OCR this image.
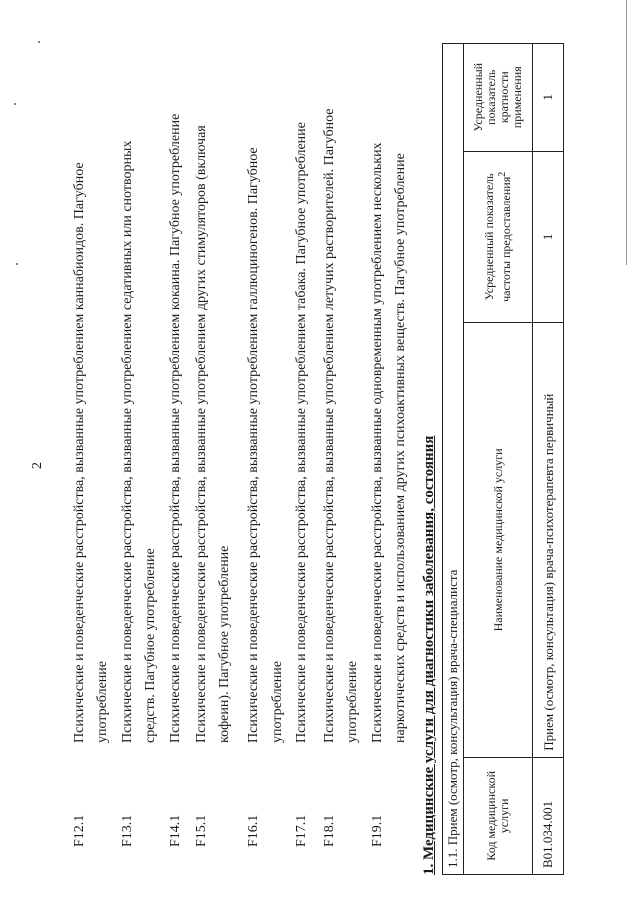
2
F12.1
Психические и поведенческие расстройства, вызванные употреблением каннабиоидов. Пагубное употребление
F13.1
Психические и поведенческие расстройства, вызванные употреблением седативных или снотворных средств. Пагубное употребление
F14.1
Психические и поведенческие расстройства, вызванные употреблением кокаина. Пагубное употребление
F15.1
Психические и поведенческие расстройства, вызванные употреблением других стимуляторов (включая кофеин). Пагубное употребление
F16.1
Психические и поведенческие расстройства, вызванные употреблением галлюциногенов. Пагубное употребление
F17.1
Психические и поведенческие расстройства, вызванные употреблением табака. Пагубное употребление
F18.1
Психические и поведенческие расстройства, вызванные употреблением летучих растворителей. Пагубное употребление
F19.1
Психические и поведенческие расстройства, вызванные одновременным употреблением нескольких наркотических средств и использованием других психоактивных веществ. Пагубное употребление 1. Медицинские услуги для диагностики заболевания, состояния 1.1. Прием (осмотр, консультация) врача-специалиста			
Код медицинской услуги	Наименование медицинской услуги	Усредненный показатель частоты предоставления$^2$	Усредненный показатель кратности применения
B01.034.001	Прием (осмотр, консультация) врача-психотерапевта первичный	1	1
